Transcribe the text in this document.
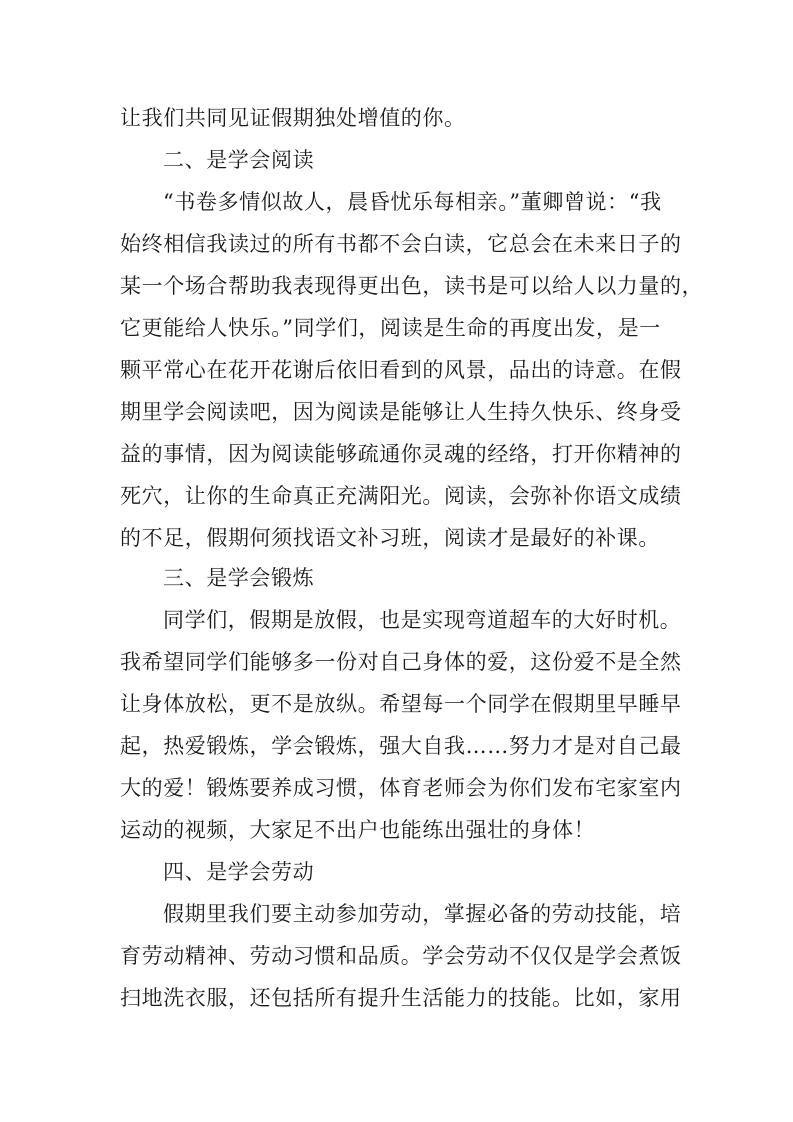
让我们共同见证假期独处增值的你。
二、是学会阅读
“书卷多情似故人，晨昏忧乐每相亲。”董卿曾说：“我
始终相信我读过的所有书都不会白读，它总会在未来日子的
某一个场合帮助我表现得更出色，读书是可以给人以力量的，
它更能给人快乐。”同学们，阅读是生命的再度出发，是一
颗平常心在花开花谢后依旧看到的风景，品出的诗意。在假
期里学会阅读吧，因为阅读是能够让人生持久快乐、终身受
益的事情，因为阅读能够疏通你灵魂的经络，打开你精神的
死穴，让你的生命真正充满阳光。阅读，会弥补你语文成绩
的不足，假期何须找语文补习班，阅读才是最好的补课。
三、是学会锻炼
同学们，假期是放假，也是实现弯道超车的大好时机。
我希望同学们能够多一份对自己身体的爱，这份爱不是全然
让身体放松，更不是放纵。希望每一个同学在假期里早睡早
起，热爱锻炼，学会锻炼，强大自我……努力才是对自己最
大的爱！锻炼要养成习惯，体育老师会为你们发布宅家室内
运动的视频，大家足不出户也能练出强壮的身体！
四、是学会劳动
假期里我们要主动参加劳动，掌握必备的劳动技能，培
育劳动精神、劳动习惯和品质。学会劳动不仅仅是学会煮饭
扫地洗衣服，还包括所有提升生活能力的技能。比如，家用
